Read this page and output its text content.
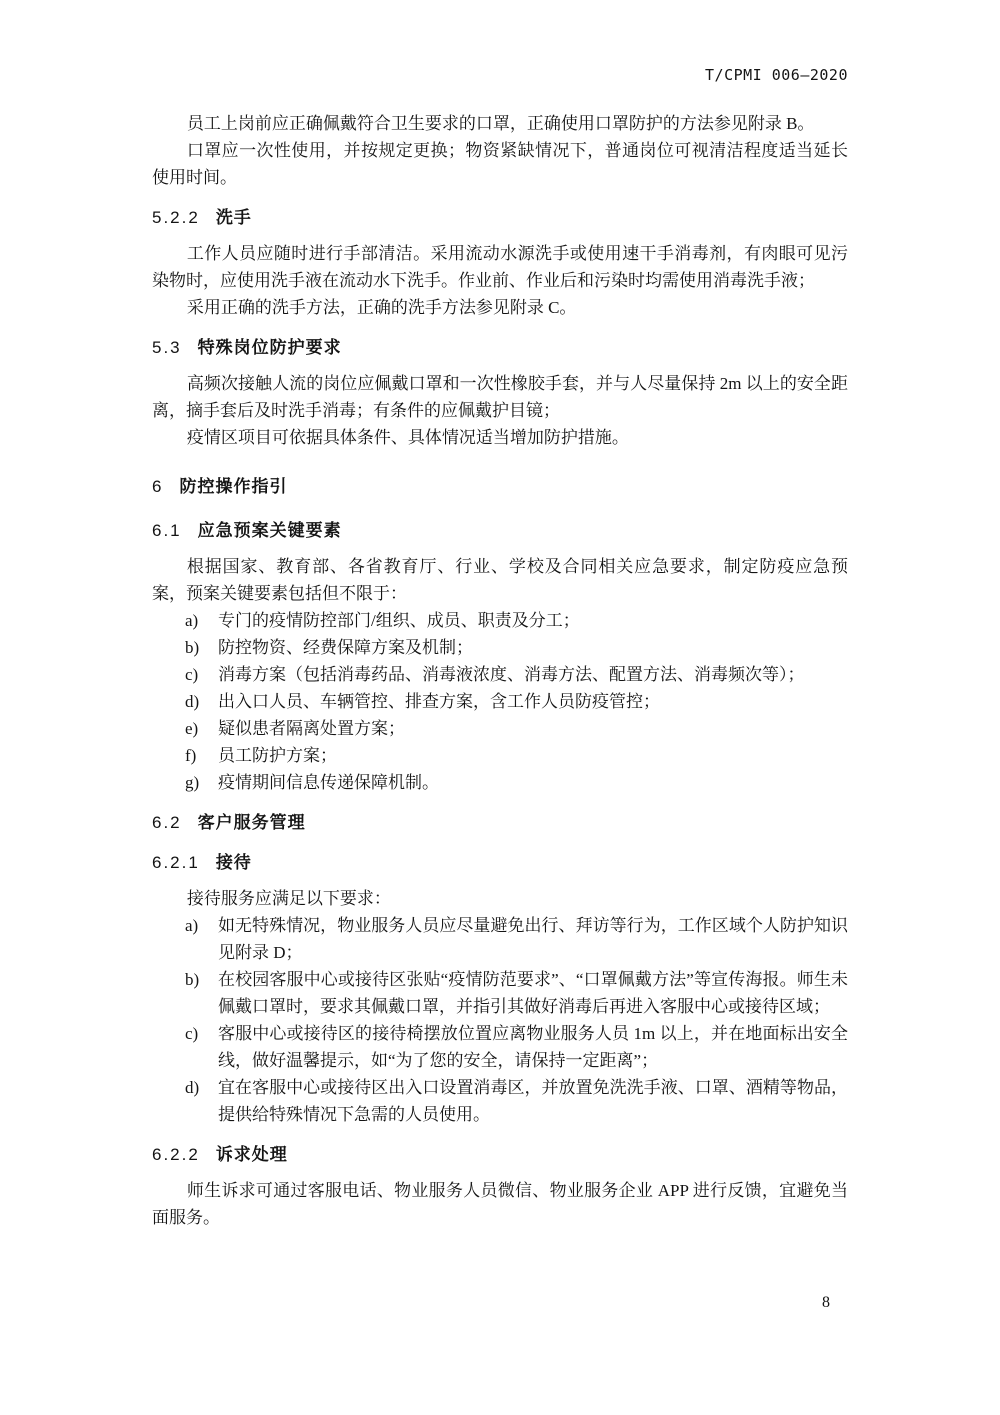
T/CPMI 006—2020

员工上岗前应正确佩戴符合卫生要求的口罩，正确使用口罩防护的方法参见附录 B。

口罩应一次性使用，并按规定更换；物资紧缺情况下，普通岗位可视清洁程度适当延长使用时间。

5.2.2 洗手

工作人员应随时进行手部清洁。采用流动水源洗手或使用速干手消毒剂，有肉眼可见污染物时，应使用洗手液在流动水下洗手。作业前、作业后和污染时均需使用消毒洗手液；

采用正确的洗手方法，正确的洗手方法参见附录 C。

5.3 特殊岗位防护要求

高频次接触人流的岗位应佩戴口罩和一次性橡胶手套，并与人尽量保持 2m 以上的安全距离，摘手套后及时洗手消毒；有条件的应佩戴护目镜；

疫情区项目可依据具体条件、具体情况适当增加防护措施。

6 防控操作指引
6.1 应急预案关键要素

根据国家、教育部、各省教育厅、行业、学校及合同相关应急要求，制定防疫应急预案，预案关键要素包括但不限于：

a)	专门的疫情防控部门/组织、成员、职责及分工；
b)	防控物资、经费保障方案及机制；
c)	消毒方案（包括消毒药品、消毒液浓度、消毒方法、配置方法、消毒频次等）；
d)	出入口人员、车辆管控、排查方案，含工作人员防疫管控；
e)	疑似患者隔离处置方案；
f)	员工防护方案；
g)	疫情期间信息传递保障机制。
6.2 客户服务管理
6.2.1 接待

接待服务应满足以下要求：

a)	如无特殊情况，物业服务人员应尽量避免出行、拜访等行为，工作区域个人防护知识见附录 D；
b)	在校园客服中心或接待区张贴“疫情防范要求”、“口罩佩戴方法”等宣传海报。师生未佩戴口罩时，要求其佩戴口罩，并指引其做好消毒后再进入客服中心或接待区域；
c)	客服中心或接待区的接待椅摆放位置应离物业服务人员 1m 以上，并在地面标出安全线，做好温馨提示，如“为了您的安全，请保持一定距离”；
d)	宜在客服中心或接待区出入口设置消毒区，并放置免洗洗手液、口罩、酒精等物品，提供给特殊情况下急需的人员使用。
6.2.2 诉求处理

师生诉求可通过客服电话、物业服务人员微信、物业服务企业 APP 进行反馈，宜避免当面服务。

8
